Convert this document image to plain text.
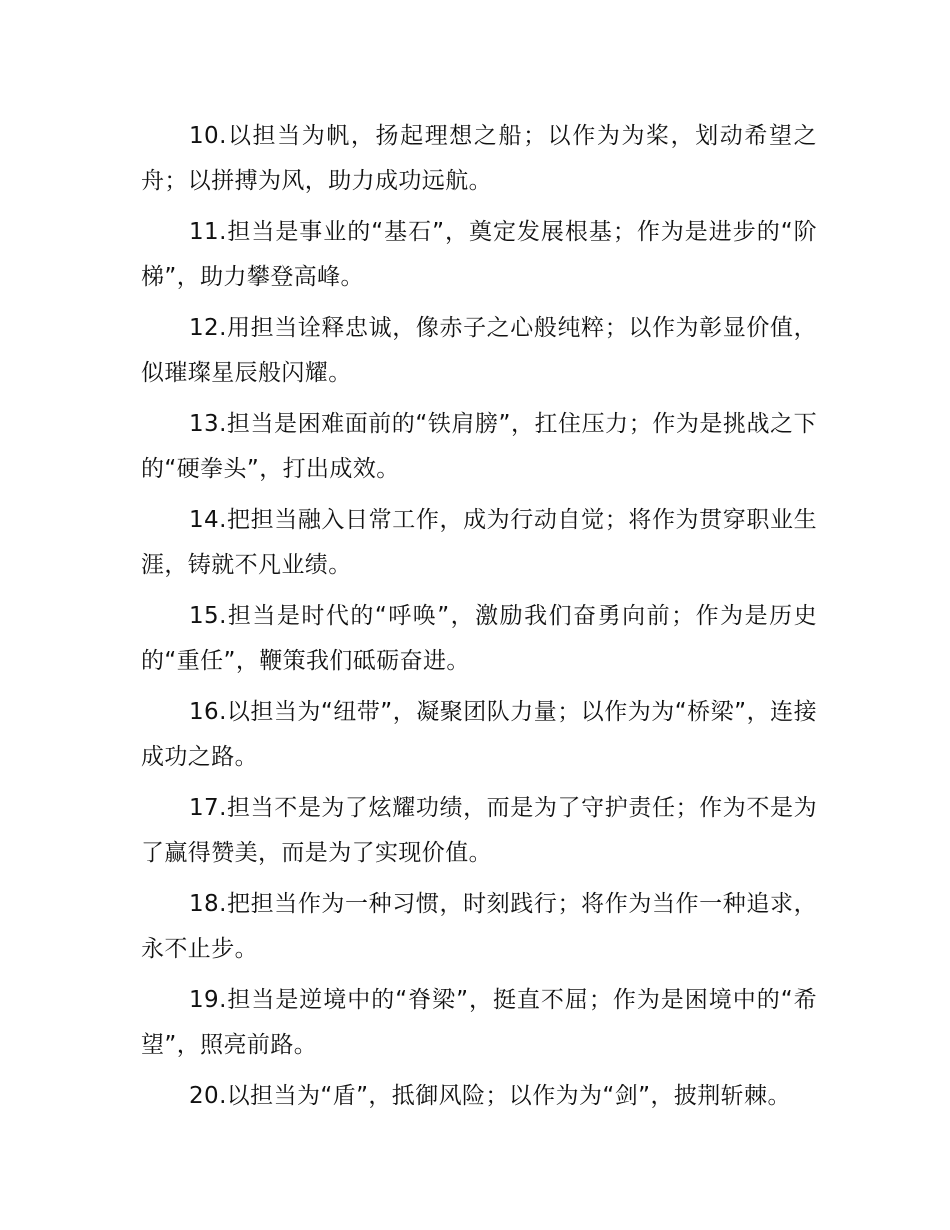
10.以担当为帆，扬起理想之船；以作为为桨，划动希望之舟；以拼搏为风，助力成功远航。

11.担当是事业的“基石”，奠定发展根基；作为是进步的“阶梯”，助力攀登高峰。

12.用担当诠释忠诚，像赤子之心般纯粹；以作为彰显价值，似璀璨星辰般闪耀。

13.担当是困难面前的“铁肩膀”，扛住压力；作为是挑战之下的“硬拳头”，打出成效。

14.把担当融入日常工作，成为行动自觉；将作为贯穿职业生涯，铸就不凡业绩。

15.担当是时代的“呼唤”，激励我们奋勇向前；作为是历史的“重任”，鞭策我们砥砺奋进。

16.以担当为“纽带”，凝聚团队力量；以作为为“桥梁”，连接成功之路。

17.担当不是为了炫耀功绩，而是为了守护责任；作为不是为了赢得赞美，而是为了实现价值。

18.把担当作为一种习惯，时刻践行；将作为当作一种追求，永不止步。

19.担当是逆境中的“脊梁”，挺直不屈；作为是困境中的“希望”，照亮前路。

20.以担当为“盾”，抵御风险；以作为为“剑”，披荆斩棘。
